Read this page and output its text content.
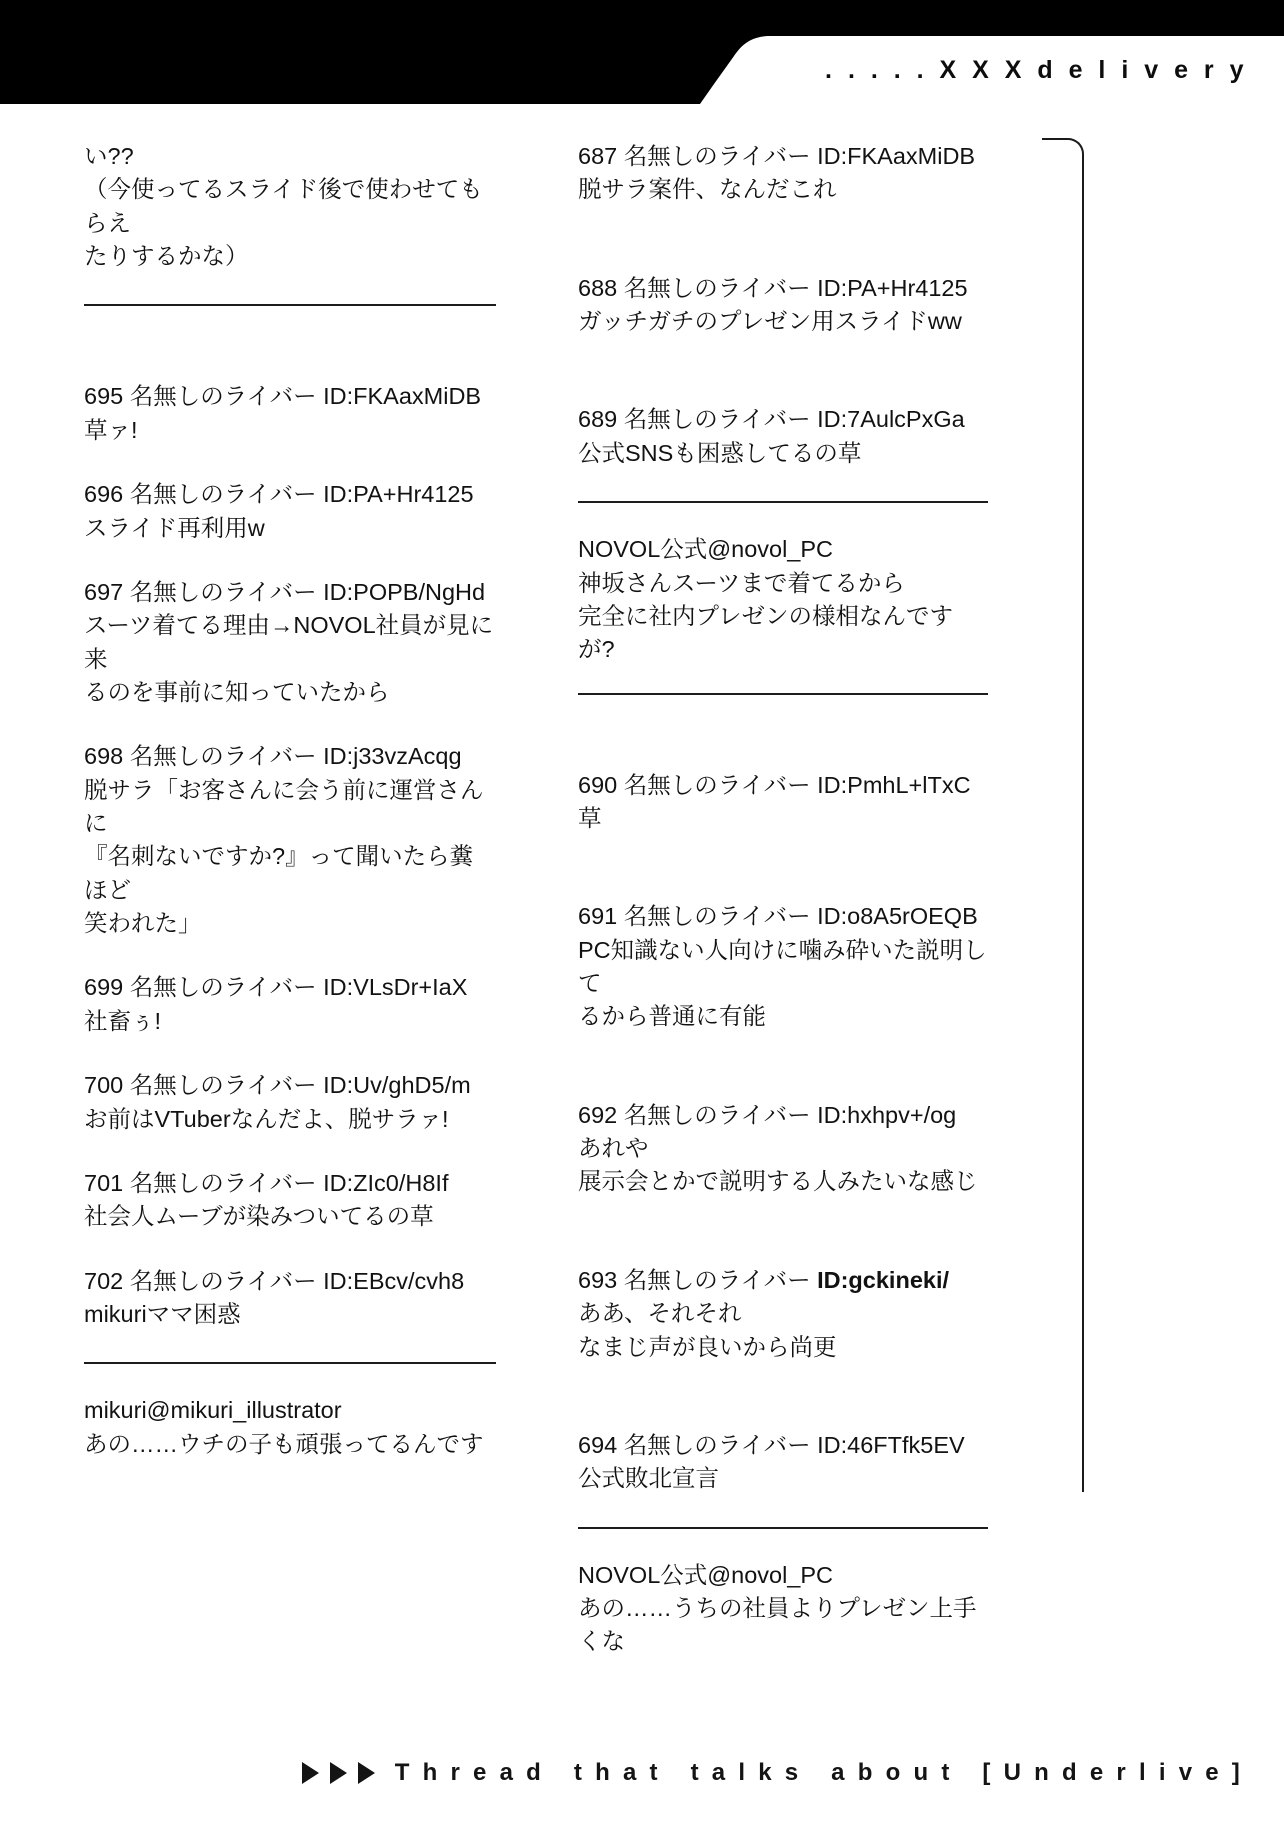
. . . . . X X X d e l i v e r y
い??
（今使ってるスライド後で使わせてもらえ
たりするかな）
695 名無しのライバー ID:FKAaxMiDB
草ァ!
696 名無しのライバー ID:PA+Hr4125
スライド再利用w
697 名無しのライバー ID:POPB/NgHd
スーツ着てる理由→NOVOL社員が見に来
るのを事前に知っていたから
698 名無しのライバー ID:j33vzAcqg
脱サラ「お客さんに会う前に運営さんに
『名刺ないですか?』って聞いたら糞ほど
笑われた」
699 名無しのライバー ID:VLsDr+IaX
社畜ぅ!
700 名無しのライバー ID:Uv/ghD5/m
お前はVTuberなんだよ、脱サラァ!
701 名無しのライバー ID:ZIc0/H8If
社会人ムーブが染みついてるの草
702 名無しのライバー ID:EBcv/cvh8
mikuriママ困惑
mikuri@mikuri_illustrator
あの……ウチの子も頑張ってるんです
687 名無しのライバー ID:FKAaxMiDB
脱サラ案件、なんだこれ
688 名無しのライバー ID:PA+Hr4125
ガッチガチのプレゼン用スライドww
689 名無しのライバー ID:7AulcPxGa
公式SNSも困惑してるの草
NOVOL公式@novol_PC
神坂さんスーツまで着てるから
完全に社内プレゼンの様相なんですが?
690 名無しのライバー ID:PmhL+lTxC
草
691 名無しのライバー ID:o8A5rOEQB
PC知識ない人向けに噛み砕いた説明して
るから普通に有能
692 名無しのライバー ID:hxhpv+/og
あれや
展示会とかで説明する人みたいな感じ
693 名無しのライバー ID:gckineki/
ああ、それそれ
なまじ声が良いから尚更
694 名無しのライバー ID:46FTfk5EV
公式敗北宣言
NOVOL公式@novol_PC
あの……うちの社員よりプレゼン上手くな
T h r e a d   t h a t   t a l k s   a b o u t   [ U n d e r l i v e ]
